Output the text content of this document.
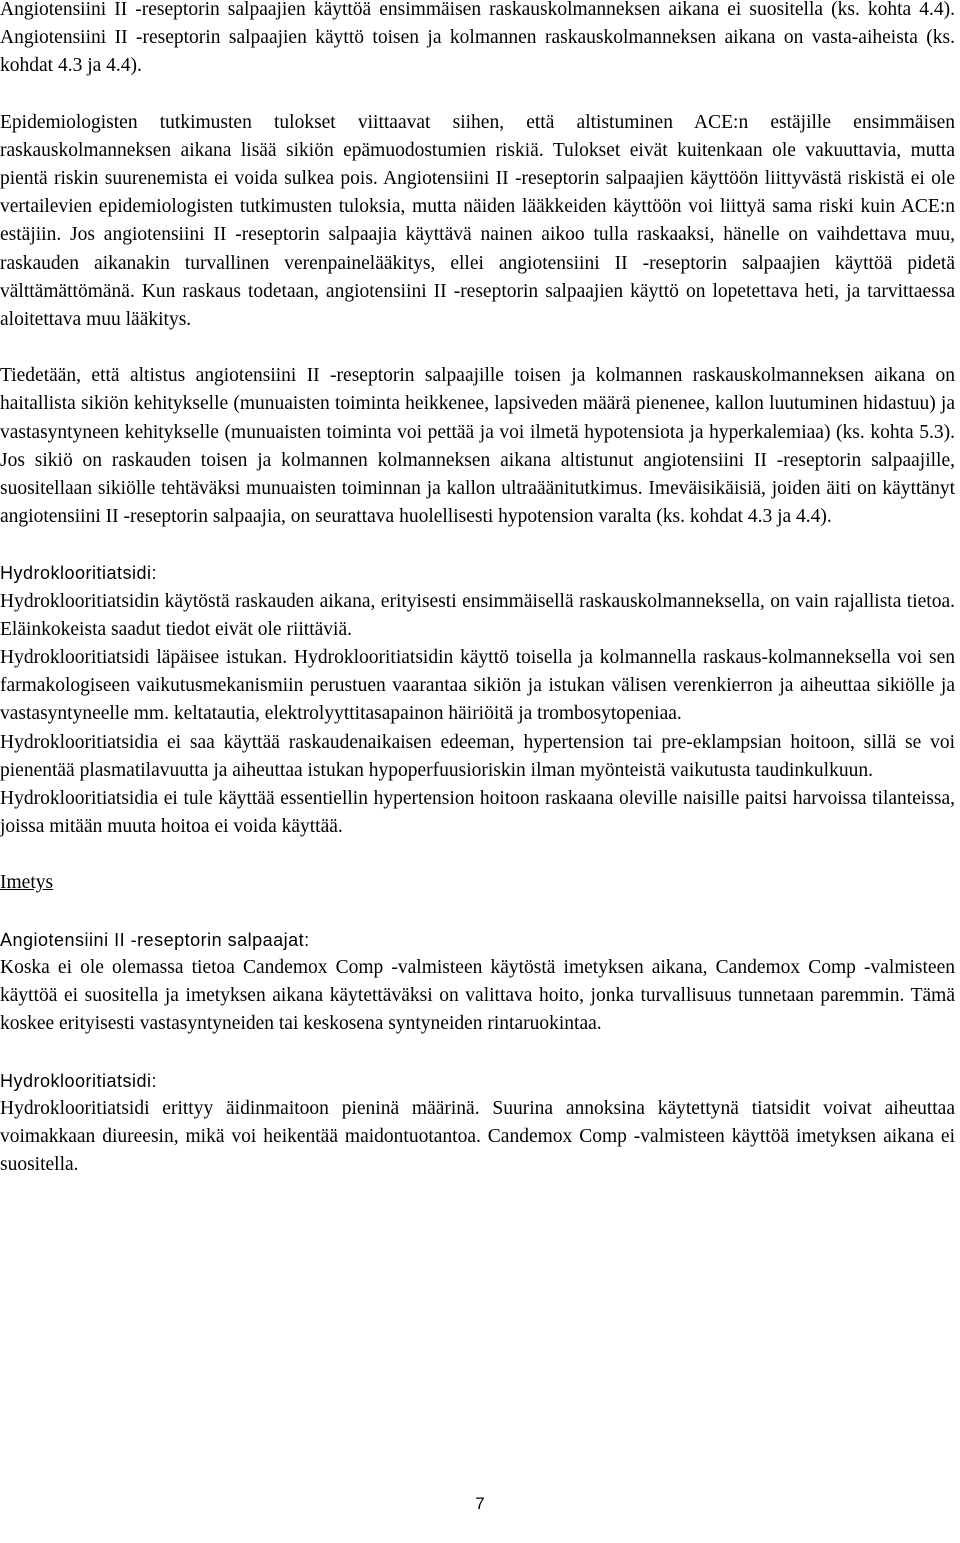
Angiotensiini II -reseptorin salpaajien käyttöä ensimmäisen raskauskolmanneksen aikana ei suositella (ks. kohta 4.4). Angiotensiini II -reseptorin salpaajien käyttö toisen ja kolmannen raskauskolmanneksen aikana on vasta-aiheista (ks. kohdat 4.3 ja 4.4).

Epidemiologisten tutkimusten tulokset viittaavat siihen, että altistuminen ACE:n estäjille ensimmäisen raskauskolmanneksen aikana lisää sikiön epämuodostumien riskiä. Tulokset eivät kuitenkaan ole vakuuttavia, mutta pientä riskin suurenemista ei voida sulkea pois. Angiotensiini II -reseptorin salpaajien käyttöön liittyvästä riskistä ei ole vertailevien epidemiologisten tutkimusten tuloksia, mutta näiden lääkkeiden käyttöön voi liittyä sama riski kuin ACE:n estäjiin. Jos angiotensiini II -reseptorin salpaajia käyttävä nainen aikoo tulla raskaaksi, hänelle on vaihdettava muu, raskauden aikanakin turvallinen verenpainelääkitys, ellei angiotensiini II -reseptorin salpaajien käyttöä pidetä välttämättömänä. Kun raskaus todetaan, angiotensiini II -reseptorin salpaajien käyttö on lopetettava heti, ja tarvittaessa aloitettava muu lääkitys.

Tiedetään, että altistus angiotensiini II -reseptorin salpaajille toisen ja kolmannen raskauskolmanneksen aikana on haitallista sikiön kehitykselle (munuaisten toiminta heikkenee, lapsiveden määrä pienenee, kallon luutuminen hidastuu) ja vastasyntyneen kehitykselle (munuaisten toiminta voi pettää ja voi ilmetä hypotensiota ja hyperkalemiaa) (ks. kohta 5.3). Jos sikiö on raskauden toisen ja kolmannen kolmanneksen aikana altistunut angiotensiini II -reseptorin salpaajille, suositellaan sikiölle tehtäväksi munuaisten toiminnan ja kallon ultraäänitutkimus. Imeväisikäisiä, joiden äiti on käyttänyt angiotensiini II -reseptorin salpaajia, on seurattava huolellisesti hypotension varalta (ks. kohdat 4.3 ja 4.4).

Hydroklooritiatsidi:

Hydroklooritiatsidin käytöstä raskauden aikana, erityisesti ensimmäisellä raskauskolmanneksella, on vain rajallista tietoa. Eläinkokeista saadut tiedot eivät ole riittäviä.

Hydroklooritiatsidi läpäisee istukan. Hydroklooritiatsidin käyttö toisella ja kolmannella raskaus-kolmanneksella voi sen farmakologiseen vaikutusmekanismiin perustuen vaarantaa sikiön ja istukan välisen verenkierron ja aiheuttaa sikiölle ja vastasyntyneelle mm. keltatautia, elektrolyyttitasapainon häiriöitä ja trombosytopeniaa.

Hydroklooritiatsidia ei saa käyttää raskaudenaikaisen edeeman, hypertension tai pre-eklampsian hoitoon, sillä se voi pienentää plasmatilavuutta ja aiheuttaa istukan hypoperfuusioriskin ilman myönteistä vaikutusta taudinkulkuun.

Hydroklooritiatsidia ei tule käyttää essentiellin hypertension hoitoon raskaana oleville naisille paitsi harvoissa tilanteissa, joissa mitään muuta hoitoa ei voida käyttää.

Imetys

Angiotensiini II -reseptorin salpaajat:

Koska ei ole olemassa tietoa Candemox Comp -valmisteen käytöstä imetyksen aikana, Candemox Comp -valmisteen käyttöä ei suositella ja imetyksen aikana käytettäväksi on valittava hoito, jonka turvallisuus tunnetaan paremmin. Tämä koskee erityisesti vastasyntyneiden tai keskosena syntyneiden rintaruokintaa.

Hydroklooritiatsidi:

Hydroklooritiatsidi erittyy äidinmaitoon pieninä määrinä. Suurina annoksina käytettynä tiatsidit voivat aiheuttaa voimakkaan diureesin, mikä voi heikentää maidontuotantoa. Candemox Comp -valmisteen käyttöä imetyksen aikana ei suositella.

7
